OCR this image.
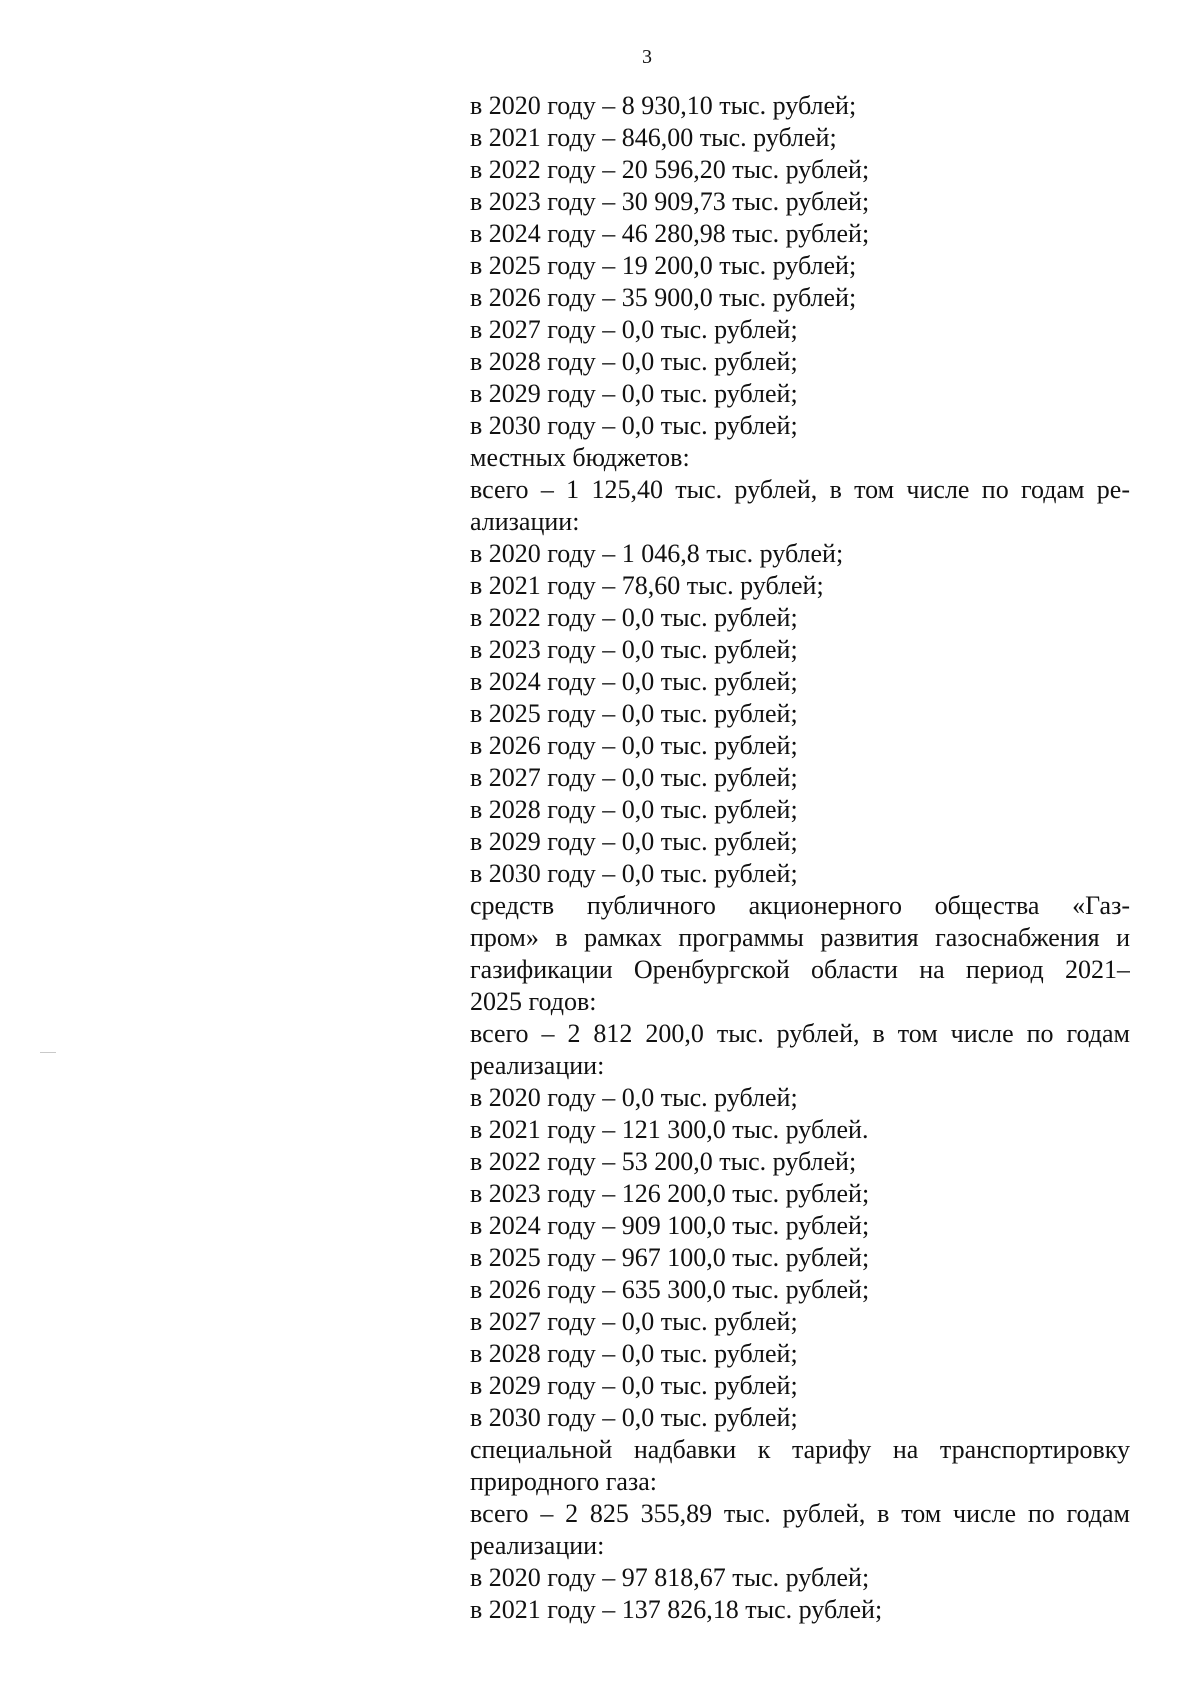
3
в 2020 году – 8 930,10 тыс. рублей;
в 2021 году – 846,00 тыс. рублей;
в 2022 году – 20 596,20 тыс. рублей;
в 2023 году – 30 909,73 тыс. рублей;
в 2024 году – 46 280,98 тыс. рублей;
в 2025 году – 19 200,0 тыс. рублей;
в 2026 году – 35 900,0 тыс. рублей;
в 2027 году – 0,0 тыс. рублей;
в 2028 году – 0,0 тыс. рублей;
в 2029 году – 0,0 тыс. рублей;
в 2030 году – 0,0 тыс. рублей;
местных бюджетов:
всего – 1 125,40 тыс. рублей, в том числе по годам ре-
ализации:
в 2020 году – 1 046,8 тыс. рублей;
в 2021 году – 78,60 тыс. рублей;
в 2022 году – 0,0 тыс. рублей;
в 2023 году – 0,0 тыс. рублей;
в 2024 году – 0,0 тыс. рублей;
в 2025 году – 0,0 тыс. рублей;
в 2026 году – 0,0 тыс. рублей;
в 2027 году – 0,0 тыс. рублей;
в 2028 году – 0,0 тыс. рублей;
в 2029 году – 0,0 тыс. рублей;
в 2030 году – 0,0 тыс. рублей;
средств публичного акционерного общества «Газ-
пром» в рамках программы развития газоснабжения и
газификации Оренбургской области на период 2021–
2025 годов:
всего – 2 812 200,0 тыс. рублей, в том числе по годам
реализации:
в 2020 году – 0,0 тыс. рублей;
в 2021 году – 121 300,0 тыс. рублей.
в 2022 году – 53 200,0 тыс. рублей;
в 2023 году – 126 200,0 тыс. рублей;
в 2024 году – 909 100,0 тыс. рублей;
в 2025 году – 967 100,0 тыс. рублей;
в 2026 году – 635 300,0 тыс. рублей;
в 2027 году – 0,0 тыс. рублей;
в 2028 году – 0,0 тыс. рублей;
в 2029 году – 0,0 тыс. рублей;
в 2030 году – 0,0 тыс. рублей;
специальной надбавки к тарифу на транспортировку
природного газа:
всего – 2 825 355,89 тыс. рублей, в том числе по годам
реализации:
в 2020 году – 97 818,67 тыс. рублей;
в 2021 году – 137 826,18 тыс. рублей;
